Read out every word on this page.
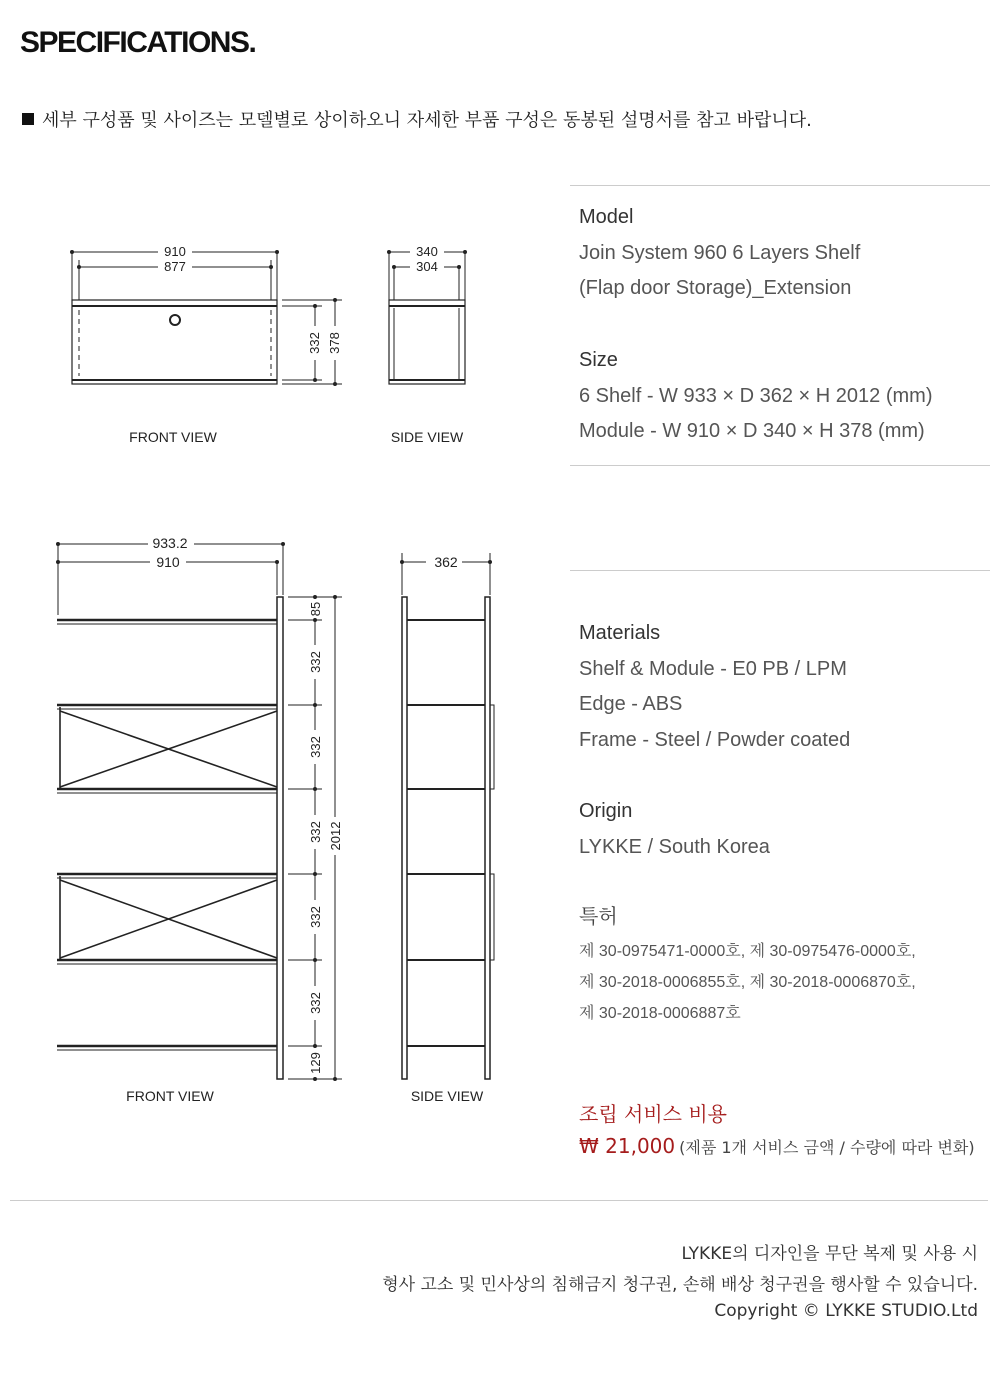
SPECIFICATIONS.
세부 구성품 및 사이즈는 모델별로 상이하오니 자세한 부품 구성은 동봉된 설명서를 참고 바랍니다.
910
877
340
304
332 378
FRONT VIEW	SIDE VIEW
933.2
910	362
85
332
332
332
332
332
129
2012
FRONT VIEW	SIDE VIEW
Model
Join System 960 6 Layers Shelf
(Flap door Storage)_Extension
Size
6 Shelf - W 933 × D 362 × H 2012 (mm)
Module - W 910 × D 340 × H 378 (mm)
Materials
Shelf & Module - E0 PB / LPM
Edge - ABS
Frame - Steel / Powder coated
Origin
LYKKE / South Korea
특허
제 30-0975471-0000호, 제 30-0975476-0000호,
제 30-2018-0006855호, 제 30-2018-0006870호,
제 30-2018-0006887호
조립 서비스 비용
₩ 21,000 (제품 1개 서비스 금액 / 수량에 따라 변화)
LYKKE의 디자인을 무단 복제 및 사용 시
형사 고소 및 민사상의 침해금지 청구권, 손해 배상 청구권을 행사할 수 있습니다.
Copyright © LYKKE STUDIO.Ltd
